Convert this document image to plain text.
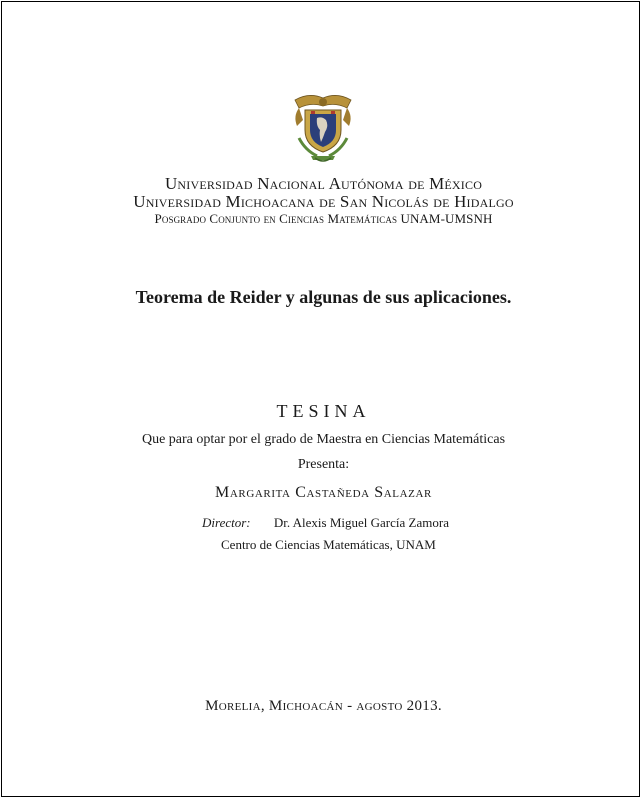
Universidad Nacional Autónoma de México
Universidad Michoacana de San Nicolás de Hidalgo
Posgrado Conjunto en Ciencias Matemáticas UNAM-UMSNH
Teorema de Reider y algunas de sus aplicaciones.
TESINA
Que para optar por el grado de Maestra en Ciencias Matemáticas
Presenta:
Margarita Castañeda Salazar
Director: Dr. Alexis Miguel García Zamora
Centro de Ciencias Matemáticas, UNAM
Morelia, Michoacán - agosto 2013.
